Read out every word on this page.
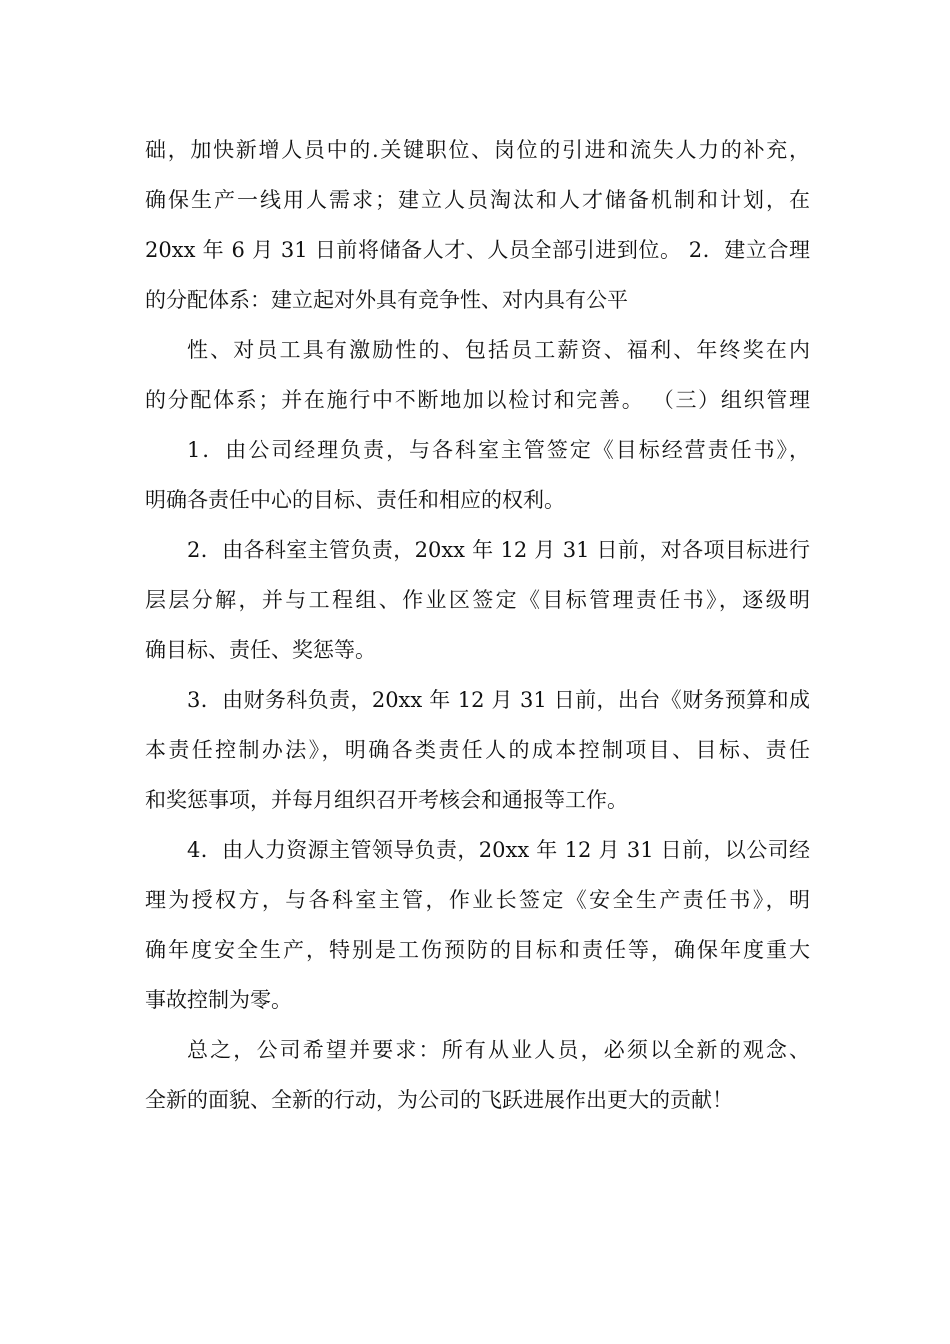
础，加快新增人员中的.关键职位、岗位的引进和流失人力的补充，
确保生产一线用人需求；建立人员淘汰和人才储备机制和计划，在
20xx 年 6 月 31 日前将储备人才、人员全部引进到位。 2．建立合理
的分配体系：建立起对外具有竞争性、对内具有公平
性、对员工具有激励性的、包括员工薪资、福利、年终奖在内
的分配体系；并在施行中不断地加以检讨和完善。 （三）组织管理
1．由公司经理负责，与各科室主管签定《目标经营责任书》，
明确各责任中心的目标、责任和相应的权利。
2．由各科室主管负责，20xx 年 12 月 31 日前，对各项目标进行
层层分解，并与工程组、作业区签定《目标管理责任书》，逐级明
确目标、责任、奖惩等。
3．由财务科负责，20xx 年 12 月 31 日前，出台《财务预算和成
本责任控制办法》，明确各类责任人的成本控制项目、目标、责任
和奖惩事项，并每月组织召开考核会和通报等工作。
4．由人力资源主管领导负责，20xx 年 12 月 31 日前，以公司经
理为授权方，与各科室主管，作业长签定《安全生产责任书》，明
确年度安全生产，特别是工伤预防的目标和责任等，确保年度重大
事故控制为零。
总之，公司希望并要求：所有从业人员，必须以全新的观念、
全新的面貌、全新的行动，为公司的飞跃进展作出更大的贡献！
